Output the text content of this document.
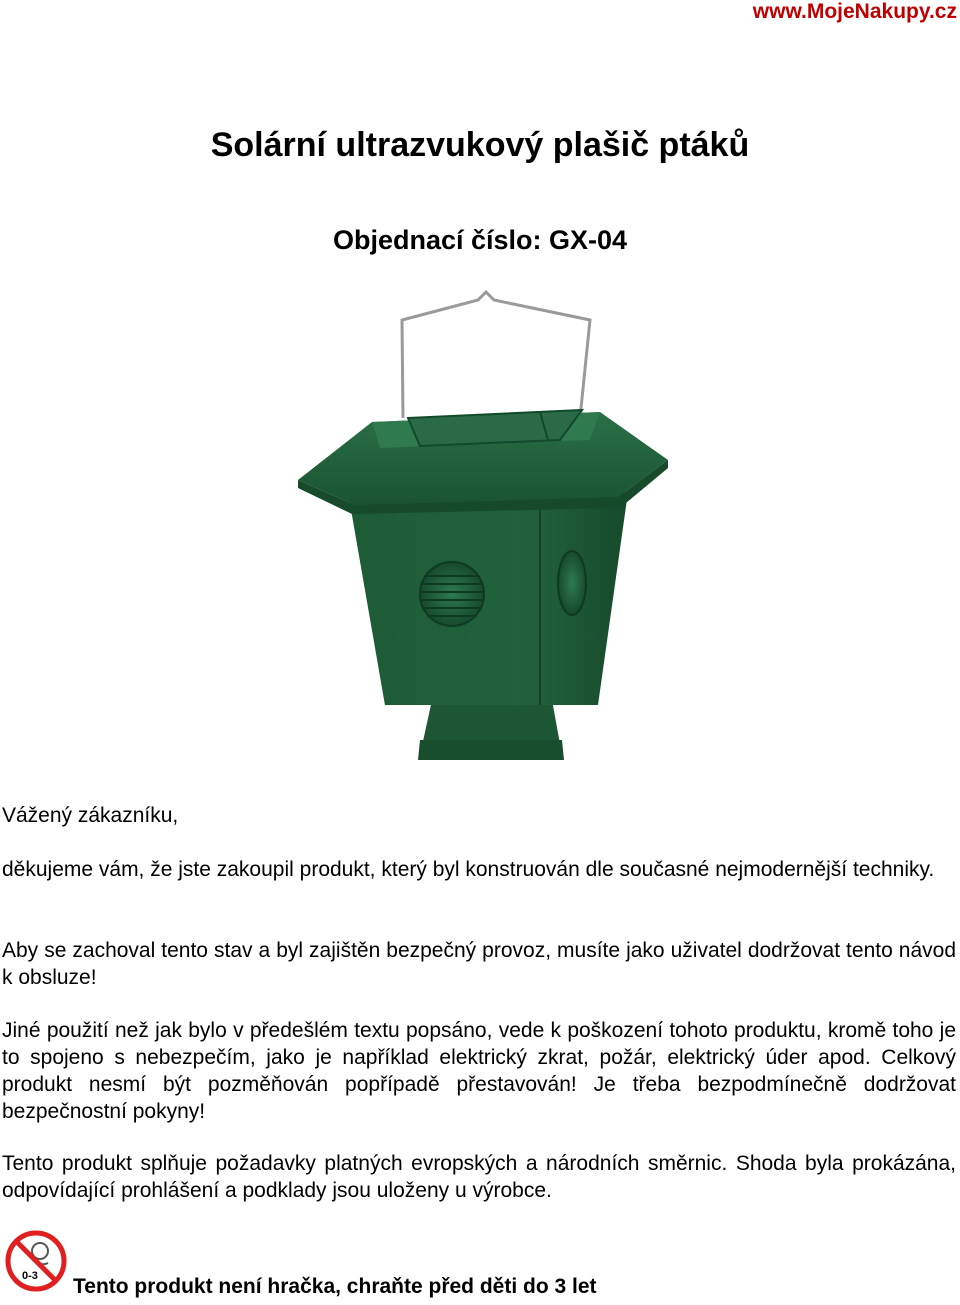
www.MojeNakupy.cz
Solární ultrazvukový plašič ptáků
Objednací číslo: GX-04

Vážený zákazníku,

děkujeme vám, že jste zakoupil produkt, který byl konstruován dle současné nejmodernější techniky.

Aby se zachoval tento stav a byl zajištěn bezpečný provoz, musíte jako uživatel dodržovat tento návod k obsluze!

Jiné použití než jak bylo v předešlém textu popsáno, vede k poškození tohoto produktu, kromě toho je to spojeno s nebezpečím, jako je například elektrický zkrat, požár, elektrický úder apod. Celkový produkt nesmí být pozměňován popřípadě přestavován! Je třeba bezpodmínečně dodržovat bezpečnostní pokyny!

Tento produkt splňuje požadavky platných evropských a národních směrnic. Shoda byla prokázána, odpovídající prohlášení a podklady jsou uloženy u výrobce.

0-3 Tento produkt není hračka, chraňte před děti do 3 let
